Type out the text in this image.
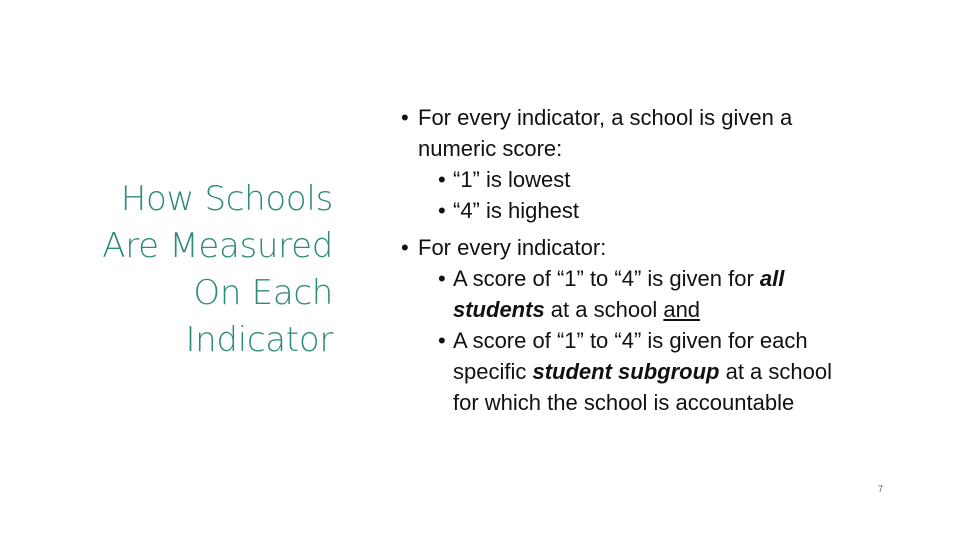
How Schools
Are Measured
On Each
Indicator
• For every indicator, a school is given a
numeric score:
• “1” is lowest
• “4” is highest
• For every indicator:
• A score of “1” to “4” is given for all
students at a school and
• A score of “1” to “4” is given for each
specific student subgroup at a school
for which the school is accountable
7
